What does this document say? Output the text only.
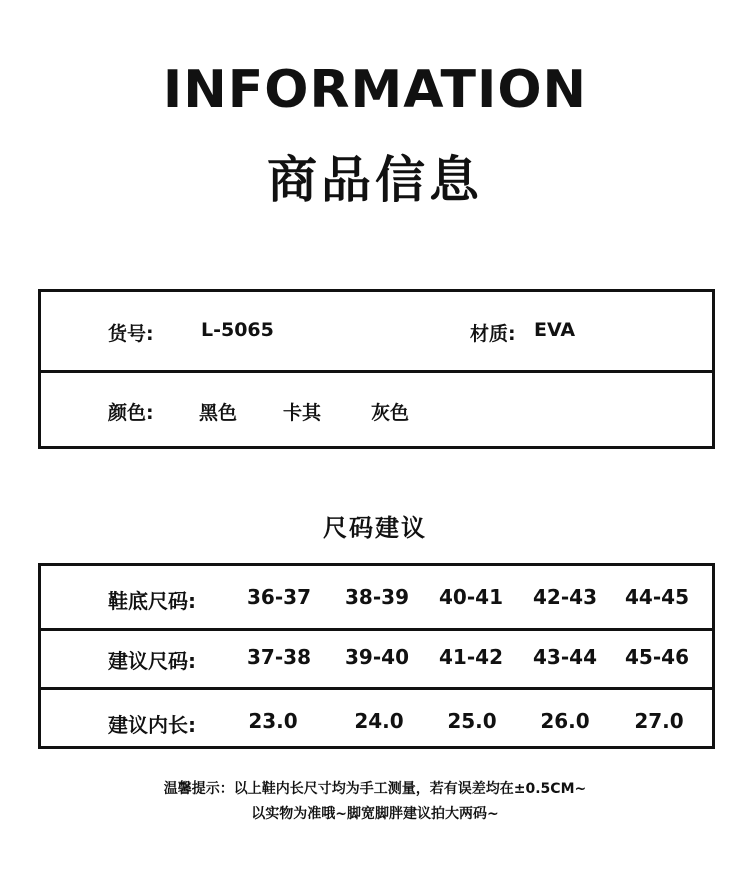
INFORMATION
商品信息
货号: L-5065	材质: EVA
颜色: 黑色 卡其	灰色
尺码建议
鞋底尺码:	36-37	38-39	40-41	42-43	44-45
建议尺码:	37-38	39-40	41-42	43-44	45-46
建议内长:	23.0	24.0	25.0	26.0	27.0
温馨提示：以上鞋内长尺寸均为手工测量，若有误差均在±0.5CM~
以实物为准哦~脚宽脚胖建议拍大两码~
